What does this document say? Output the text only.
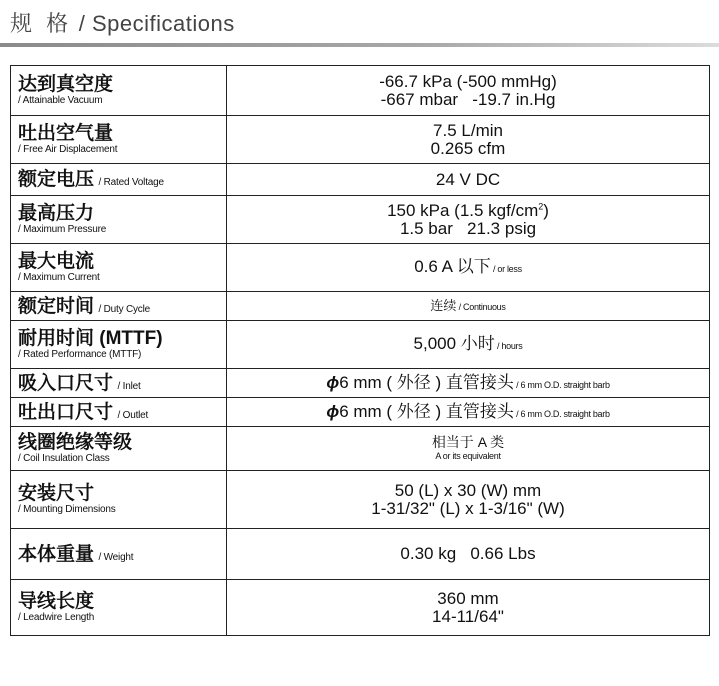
规 格 / Specifications
达到真空度
/ Attainable Vacuum	-66.7 kPa (-500 mmHg)
-667 mbar   -19.7 in.Hg

吐出空气量
/ Free Air Displacement	7.5 L/min
0.265 cfm

额定电压 / Rated Voltage	24 V DC

最高压力
/ Maximum Pressure	150 kPa (1.5 kgf/$cm^2$)
1.5 bar   21.3 psig

最大电流
/ Maximum Current	0.6 A 以下 / or less
额定时间 / Duty Cycle	连续 / Continuous
耐用时间 (MTTF)
/ Rated Performance (MTTF)	5,000 小时 / hours
吸入口尺寸 / Inlet	ϕ6 mm ( 外径 ) 直管接头 / 6 mm O.D. straight barb
吐出口尺寸 / Outlet	ϕ6 mm ( 外径 ) 直管接头 / 6 mm O.D. straight barb
线圈绝缘等级
/ Coil Insulation Class	相当于 A 类
A or its equivalent

安装尺寸
/ Mounting Dimensions	50 (L) x 30 (W) mm
1-31/32" (L) x 1-3/16" (W)

本体重量 / Weight	0.30 kg   0.66 Lbs

导线长度
/ Leadwire Length	360 mm
14-11/64"
